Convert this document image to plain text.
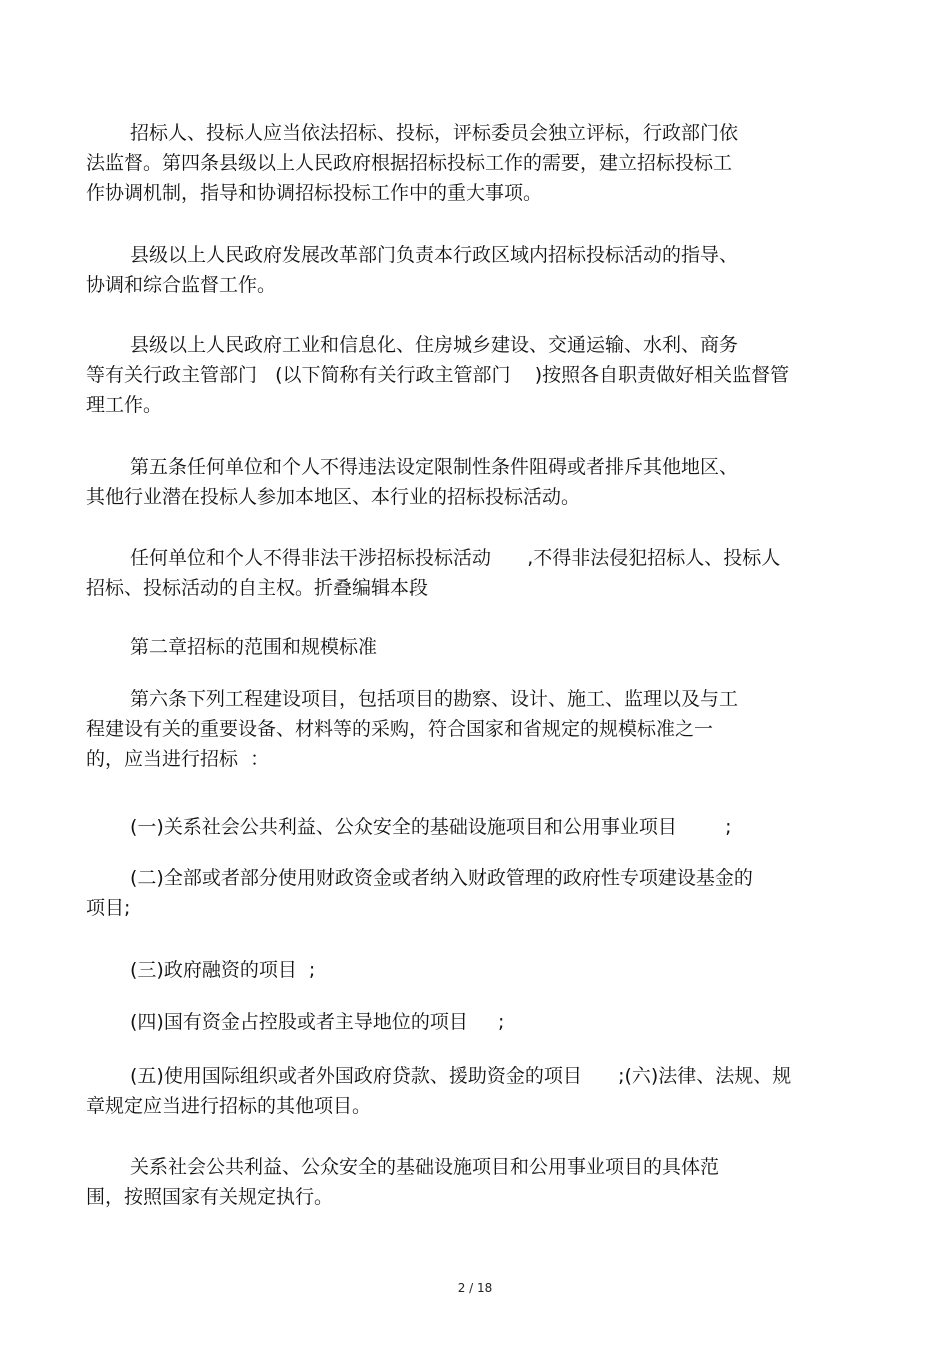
招标人、投标人应当依法招标、投标，评标委员会独立评标，行政部门依
法监督。第四条县级以上人民政府根据招标投标工作的需要，建立招标投标工
作协调机制，指导和协调招标投标工作中的重大事项。
县级以上人民政府发展改革部门负责本行政区域内招标投标活动的指导、
协调和综合监督工作。
县级以上人民政府工业和信息化、住房城乡建设、交通运输、水利、商务
等有关行政主管部门   (以下简称有关行政主管部门    )按照各自职责做好相关监督管
理工作。
第五条任何单位和个人不得违法设定限制性条件阻碍或者排斥其他地区、
其他行业潜在投标人参加本地区、本行业的招标投标活动。
任何单位和个人不得非法干涉招标投标活动      ,不得非法侵犯招标人、投标人
招标、投标活动的自主权。折叠编辑本段
第二章招标的范围和规模标准
第六条下列工程建设项目，包括项目的勘察、设计、施工、监理以及与工
程建设有关的重要设备、材料等的采购，符合国家和省规定的规模标准之一
的，应当进行招标  ：
(一)关系社会公共利益、公众安全的基础设施项目和公用事业项目        ;
(二)全部或者部分使用财政资金或者纳入财政管理的政府性专项建设基金的
项目;
(三)政府融资的项目  ;
(四)国有资金占控股或者主导地位的项目     ;
(五)使用国际组织或者外国政府贷款、援助资金的项目      ;(六)法律、法规、规
章规定应当进行招标的其他项目。
关系社会公共利益、公众安全的基础设施项目和公用事业项目的具体范
围，按照国家有关规定执行。
2 / 18
